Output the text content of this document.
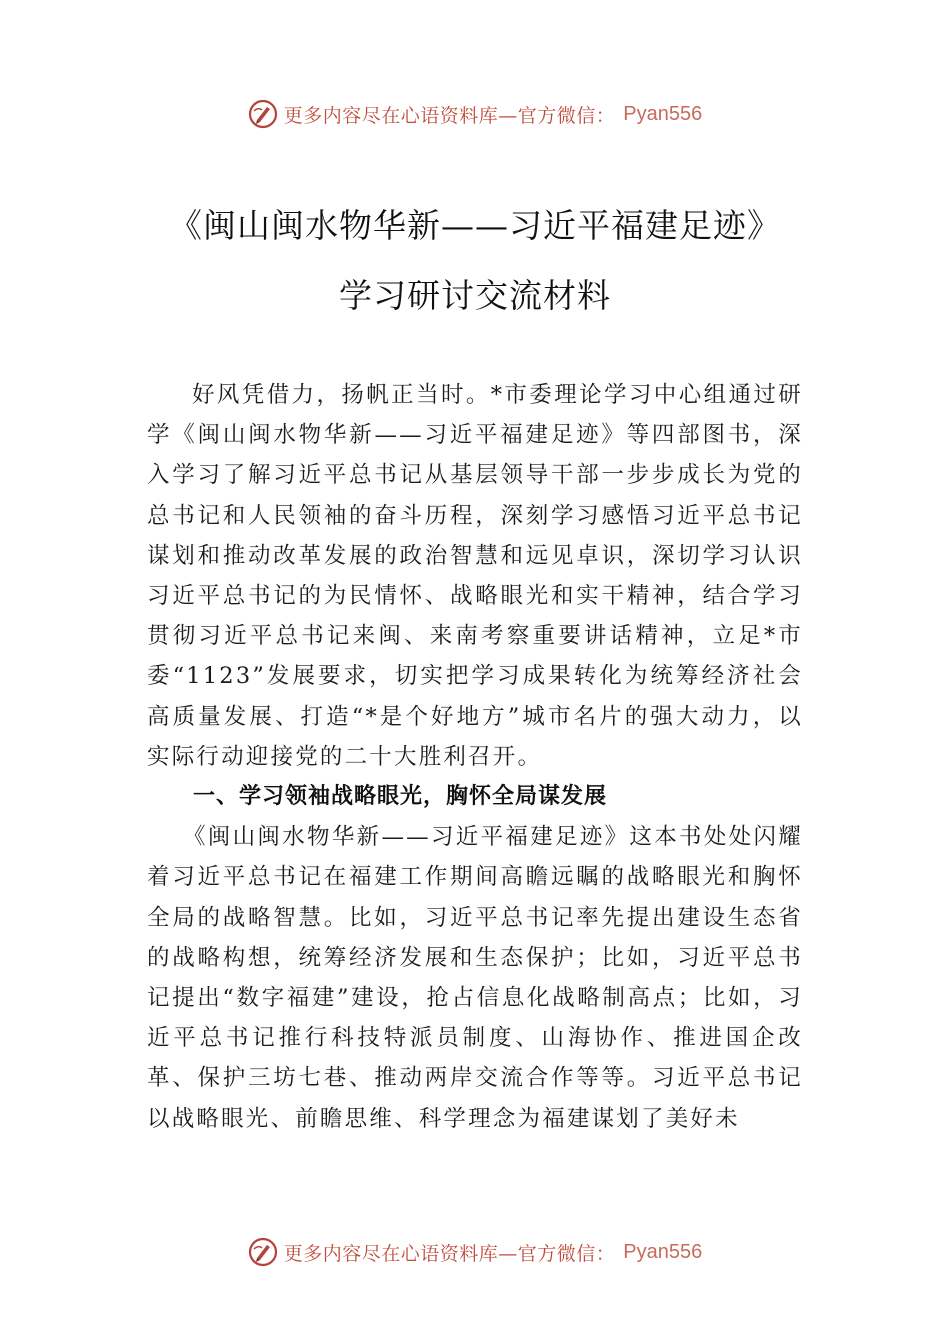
更多内容尽在心语资料库—官方微信： Pyan556
《闽山闽水物华新——习近平福建足迹》
学习研讨交流材料

好风凭借力，扬帆正当时。*市委理论学习中心组通过研学《闽山闽水物华新——习近平福建足迹》等四部图书，深入学习了解习近平总书记从基层领导干部一步步成长为党的总书记和人民领袖的奋斗历程，深刻学习感悟习近平总书记谋划和推动改革发展的政治智慧和远见卓识，深切学习认识习近平总书记的为民情怀、战略眼光和实干精神，结合学习贯彻习近平总书记来闽、来南考察重要讲话精神，立足*市委“1123”发展要求，切实把学习成果转化为统筹经济社会高质量发展、打造“*是个好地方”城市名片的强大动力，以实际行动迎接党的二十大胜利召开。

一、学习领袖战略眼光，胸怀全局谋发展

《闽山闽水物华新——习近平福建足迹》这本书处处闪耀着习近平总书记在福建工作期间高瞻远瞩的战略眼光和胸怀全局的战略智慧。比如，习近平总书记率先提出建设生态省的战略构想，统筹经济发展和生态保护；比如，习近平总书记提出“数字福建”建设，抢占信息化战略制高点；比如，习近平总书记推行科技特派员制度、山海协作、推进国企改革、保护三坊七巷、推动两岸交流合作等等。习近平总书记以战略眼光、前瞻思维、科学理念为福建谋划了美好未

更多内容尽在心语资料库—官方微信： Pyan556
